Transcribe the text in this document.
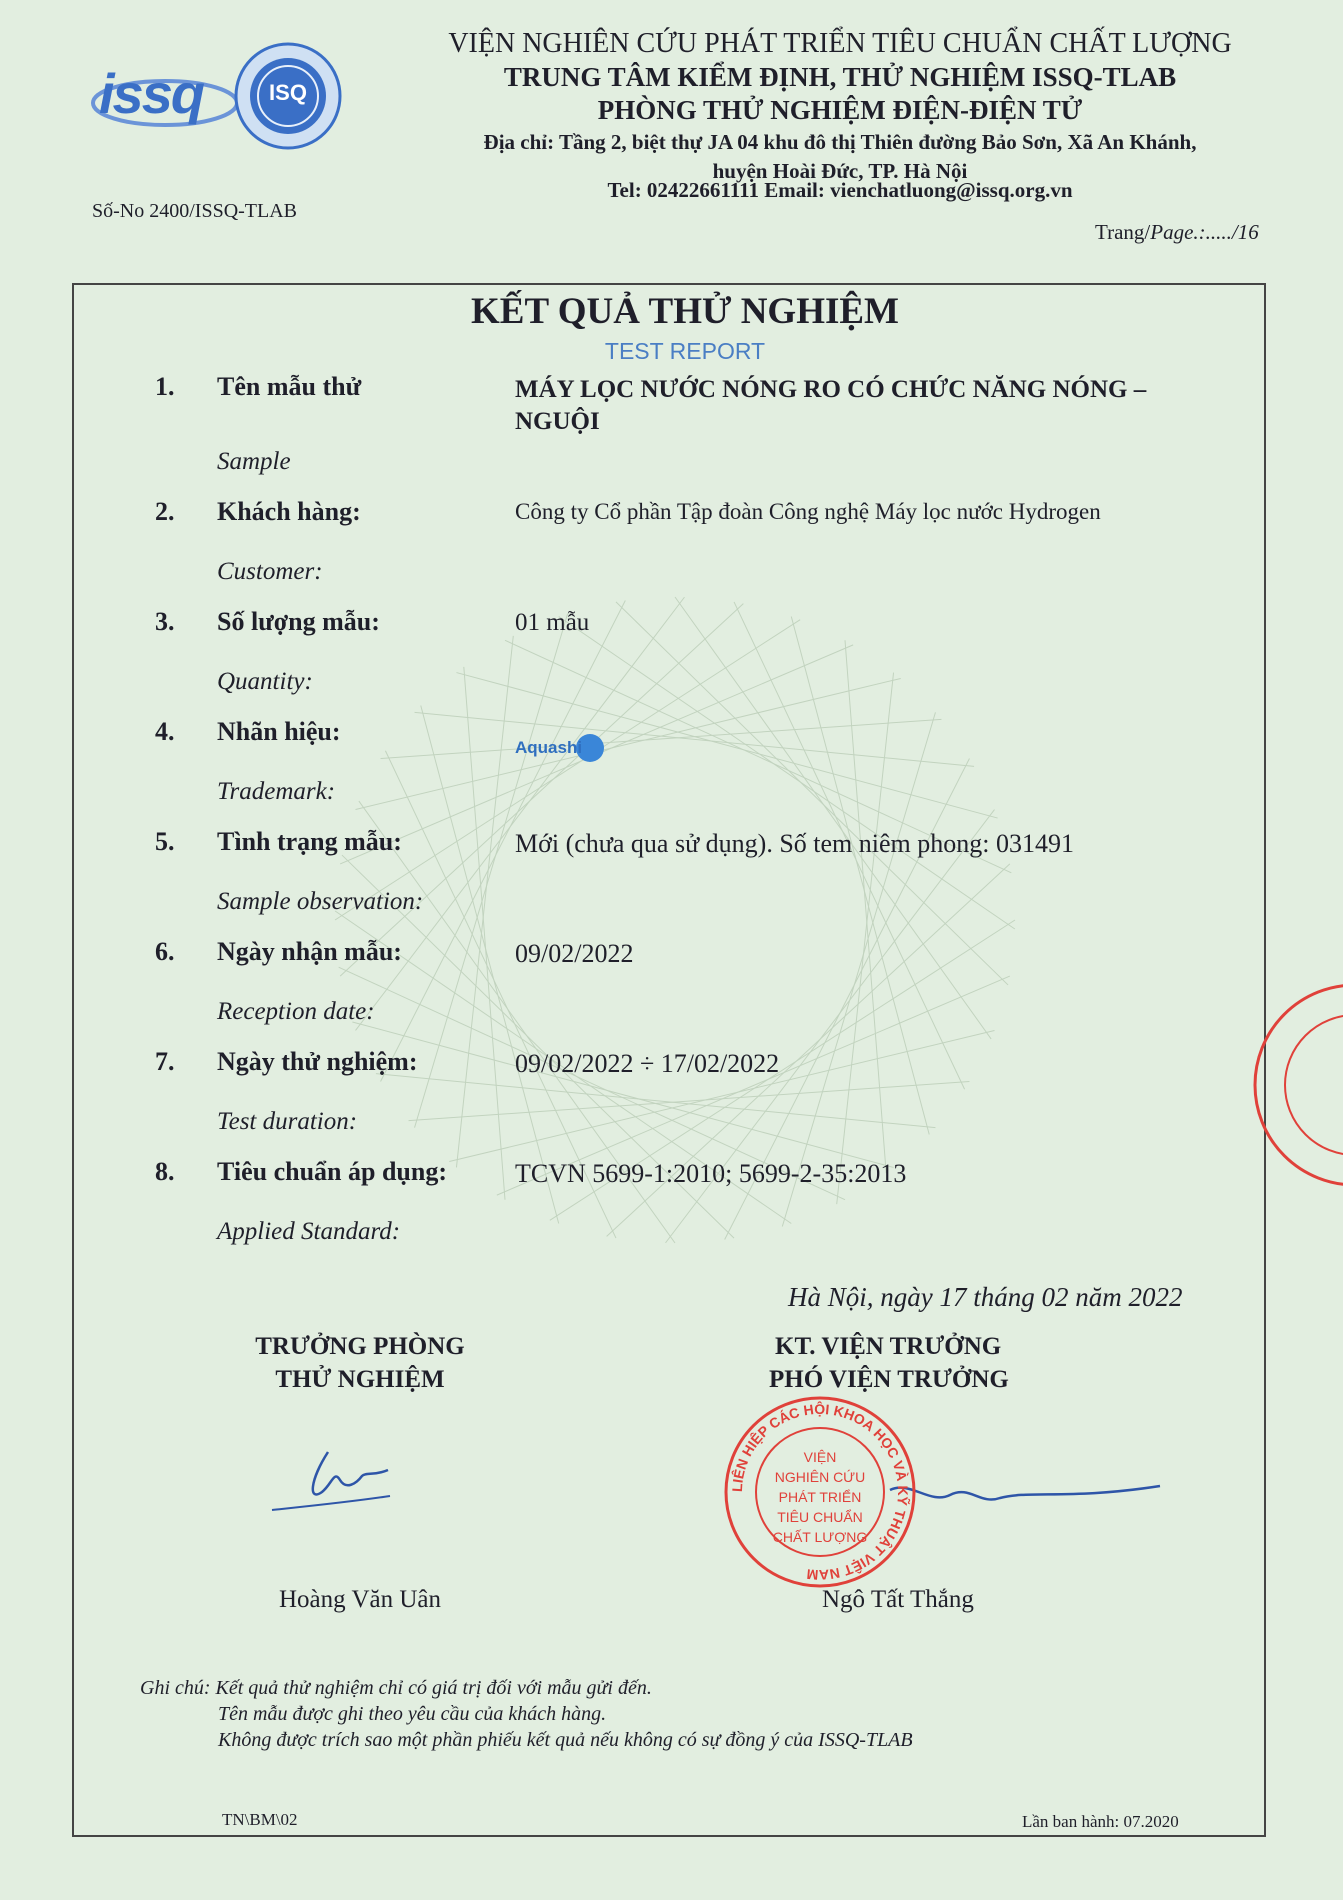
issq	ISQ
VIỆN NGHIÊN CỨU PHÁT TRIỂN TIÊU CHUẨN CHẤT LƯỢNG
TRUNG TÂM KIỂM ĐỊNH, THỬ NGHIỆM ISSQ-TLAB
PHÒNG THỬ NGHIỆM ĐIỆN-ĐIỆN TỬ
Địa chỉ: Tầng 2, biệt thự JA 04 khu đô thị Thiên đường Bảo Sơn, Xã An Khánh,
huyện Hoài Đức, TP. Hà Nội
Tel: 02422661111 Email: vienchatluong@issq.org.vn
Số-No 2400/ISSQ-TLAB
Trang/Page.:...../16
KẾT QUẢ THỬ NGHIỆM
TEST REPORT
1. Tên mẫu thử	MÁY LỌC NƯỚC NÓNG RO CÓ CHỨC NĂNG NÓNG – NGUỘI
Sample
2. Khách hàng:	Công ty Cổ phần Tập đoàn Công nghệ Máy lọc nước Hydrogen
Customer:
3. Số lượng mẫu:	01 mẫu
Quantity:
4. Nhãn hiệu:
Aquashi
Trademark:
5. Tình trạng mẫu:	Mới (chưa qua sử dụng). Số tem niêm phong: 031491
Sample observation:
6. Ngày nhận mẫu:	09/02/2022
Reception date:
7. Ngày thử nghiệm:	09/02/2022 ÷ 17/02/2022
Test duration:
8. Tiêu chuẩn áp dụng:	TCVN 5699-1:2010; 5699-2-35:2013
Applied Standard:
Hà Nội, ngày 17 tháng 02 năm 2022
TRƯỞNG PHÒNG
THỬ NGHIỆM
Hoàng Văn Uân
KT. VIỆN TRƯỞNG
PHÓ VIỆN TRƯỞNG
LIÊN HIỆP CÁC HỘI KHOA HỌC VÀ KỸ THUẬT VIỆT NAM
VIỆN
NGHIÊN CỨU
PHÁT TRIỂN
TIÊU CHUẨN
CHẤT LƯỢNG
Ngô Tất Thắng
Ghi chú: Kết quả thử nghiệm chỉ có giá trị đối với mẫu gửi đến.
Tên mẫu được ghi theo yêu cầu của khách hàng.
Không được trích sao một phần phiếu kết quả nếu không có sự đồng ý của ISSQ-TLAB
TN\BM\02	Lần ban hành: 07.2020
